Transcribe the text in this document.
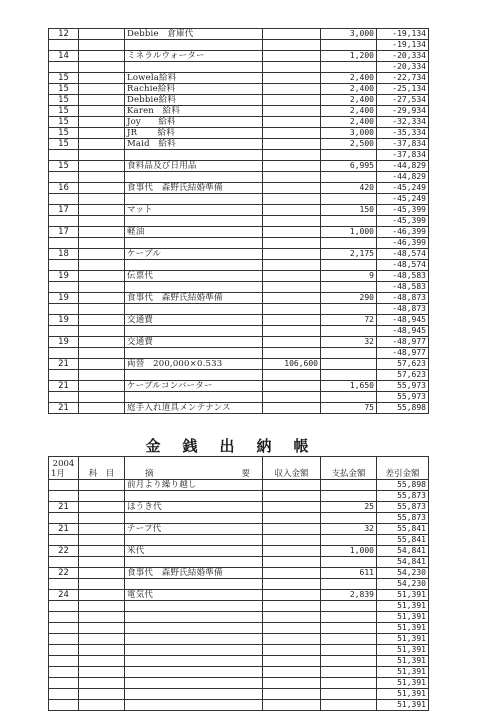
12		Debbie　倉庫代		3,000	-19,134
					-19,134
14		ミネラルウォーター		1,200	-20,334
					-20,334
15		Lowela給料		2,400	-22,734
15		Rachie給料		2,400	-25,134
15		Debbie給料		2,400	-27,534
15		Karen　給料		2,400	-29,934
15		Joy　　給料		2,400	-32,334
15		JR　　 給料		3,000	-35,334
15		Maid　給料		2,500	-37,834
					-37,834
15		食料品及び日用品		6,995	-44,829
					-44,829
16		食事代　森野氏結婚準備		420	-45,249
					-45,249
17		マット		150	-45,399
					-45,399
17		軽油		1,000	-46,399
					-46,399
18		ケーブル		2,175	-48,574
					-48,574
19		伝票代		9	-48,583
					-48,583
19		食事代　森野氏結婚準備		290	-48,873
					-48,873
19		交通費		72	-48,945
					-48,945
19		交通費		32	-48,977
					-48,977
21		両替　200,000×0.533	106,600		57,623
					57,623
21		ケーブルコンバーター		1,650	55,973
					55,973
21		庭手入れ道具メンテナンス		75	55,898
金銭出納帳
2004
1月	科　目	摘 要	収入金額	支払金額	差引金額
		前月より繰り越し			55,898
					55,873
21		ほうき代		25	55,873
					55,873
21		テープ代		32	55,841
					55,841
22		米代		1,000	54,841
					54,841
22		食事代　森野氏結婚準備		611	54,230
					54,230
24		電気代		2,839	51,391
					51,391
					51,391
					51,391
					51,391
					51,391
					51,391
					51,391
					51,391
					51,391
					51,391
